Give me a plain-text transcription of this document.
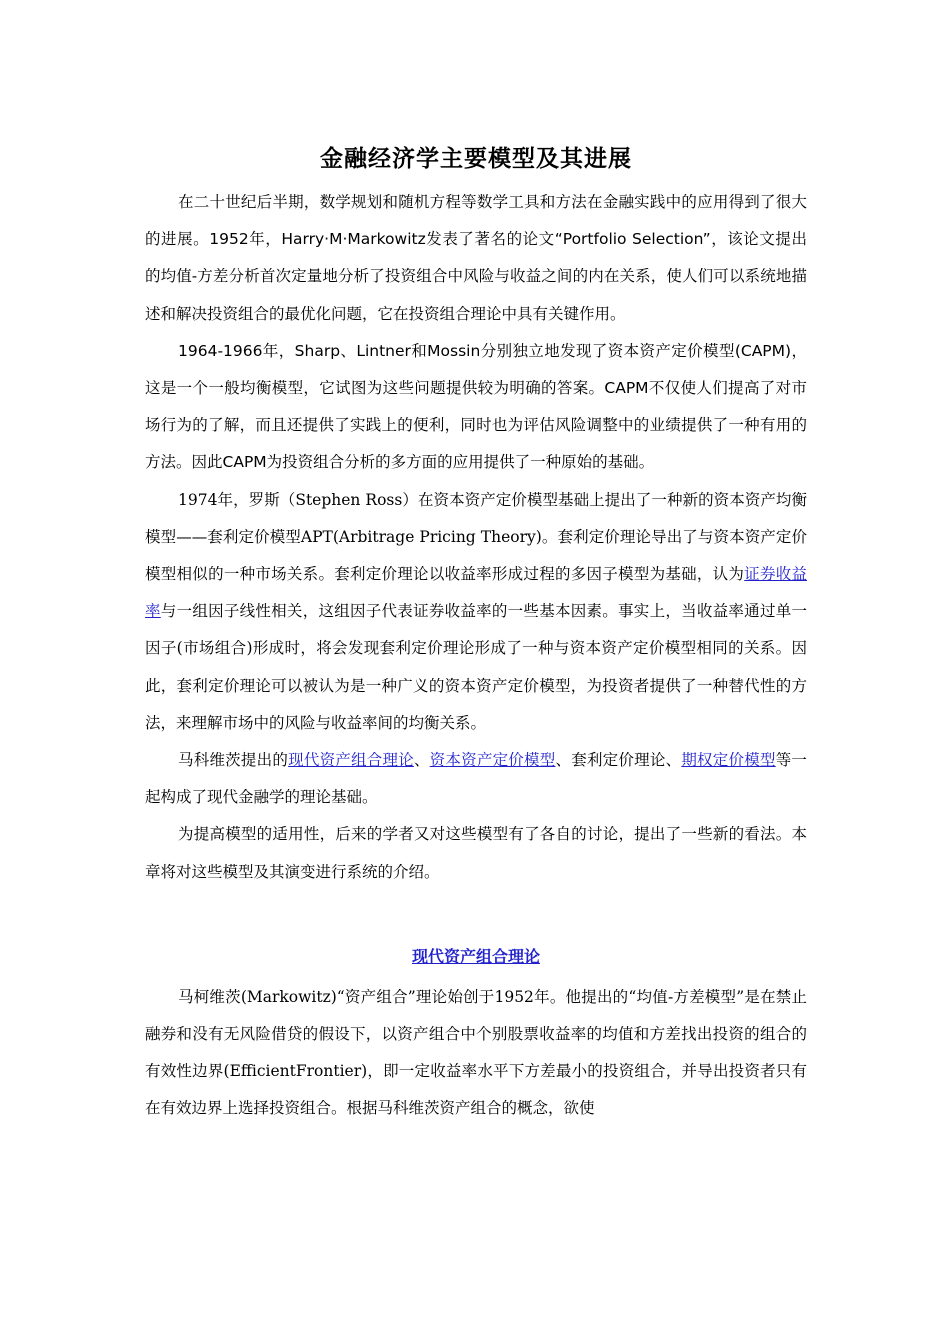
金融经济学主要模型及其进展

在二十世纪后半期，数学规划和随机方程等数学工具和方法在金融实践中的应用得到了很大的进展。1952年，Harry·M·Markowitz发表了著名的论文“Portfolio Selection”，该论文提出的均值-方差分析首次定量地分析了投资组合中风险与收益之间的内在关系，使人们可以系统地描述和解决投资组合的最优化问题，它在投资组合理论中具有关键作用。

1964-1966年，Sharp、Lintner和Mossin分别独立地发现了资本资产定价模型(CAPM)，这是一个一般均衡模型，它试图为这些问题提供较为明确的答案。CAPM不仅使人们提高了对市场行为的了解，而且还提供了实践上的便利，同时也为评估风险调整中的业绩提供了一种有用的方法。因此CAPM为投资组合分析的多方面的应用提供了一种原始的基础。

1974年，罗斯（Stephen Ross）在资本资产定价模型基础上提出了一种新的资本资产均衡模型——套利定价模型APT(Arbitrage Pricing Theory)。套利定价理论导出了与资本资产定价模型相似的一种市场关系。套利定价理论以收益率形成过程的多因子模型为基础，认为证券收益率与一组因子线性相关，这组因子代表证券收益率的一些基本因素。事实上，当收益率通过单一因子(市场组合)形成时，将会发现套利定价理论形成了一种与资本资产定价模型相同的关系。因此，套利定价理论可以被认为是一种广义的资本资产定价模型，为投资者提供了一种替代性的方法，来理解市场中的风险与收益率间的均衡关系。

马科维茨提出的现代资产组合理论、资本资产定价模型、套利定价理论、期权定价模型等一起构成了现代金融学的理论基础。

为提高模型的适用性，后来的学者又对这些模型有了各自的讨论，提出了一些新的看法。本章将对这些模型及其演变进行系统的介绍。

现代资产组合理论

马柯维茨(Markowitz)“资产组合”理论始创于1952年。他提出的“均值-方差模型”是在禁止融券和没有无风险借贷的假设下，以资产组合中个别股票收益率的均值和方差找出投资的组合的有效性边界(EfficientFrontier)，即一定收益率水平下方差最小的投资组合，并导出投资者只有在有效边界上选择投资组合。根据马科维茨资产组合的概念，欲使
